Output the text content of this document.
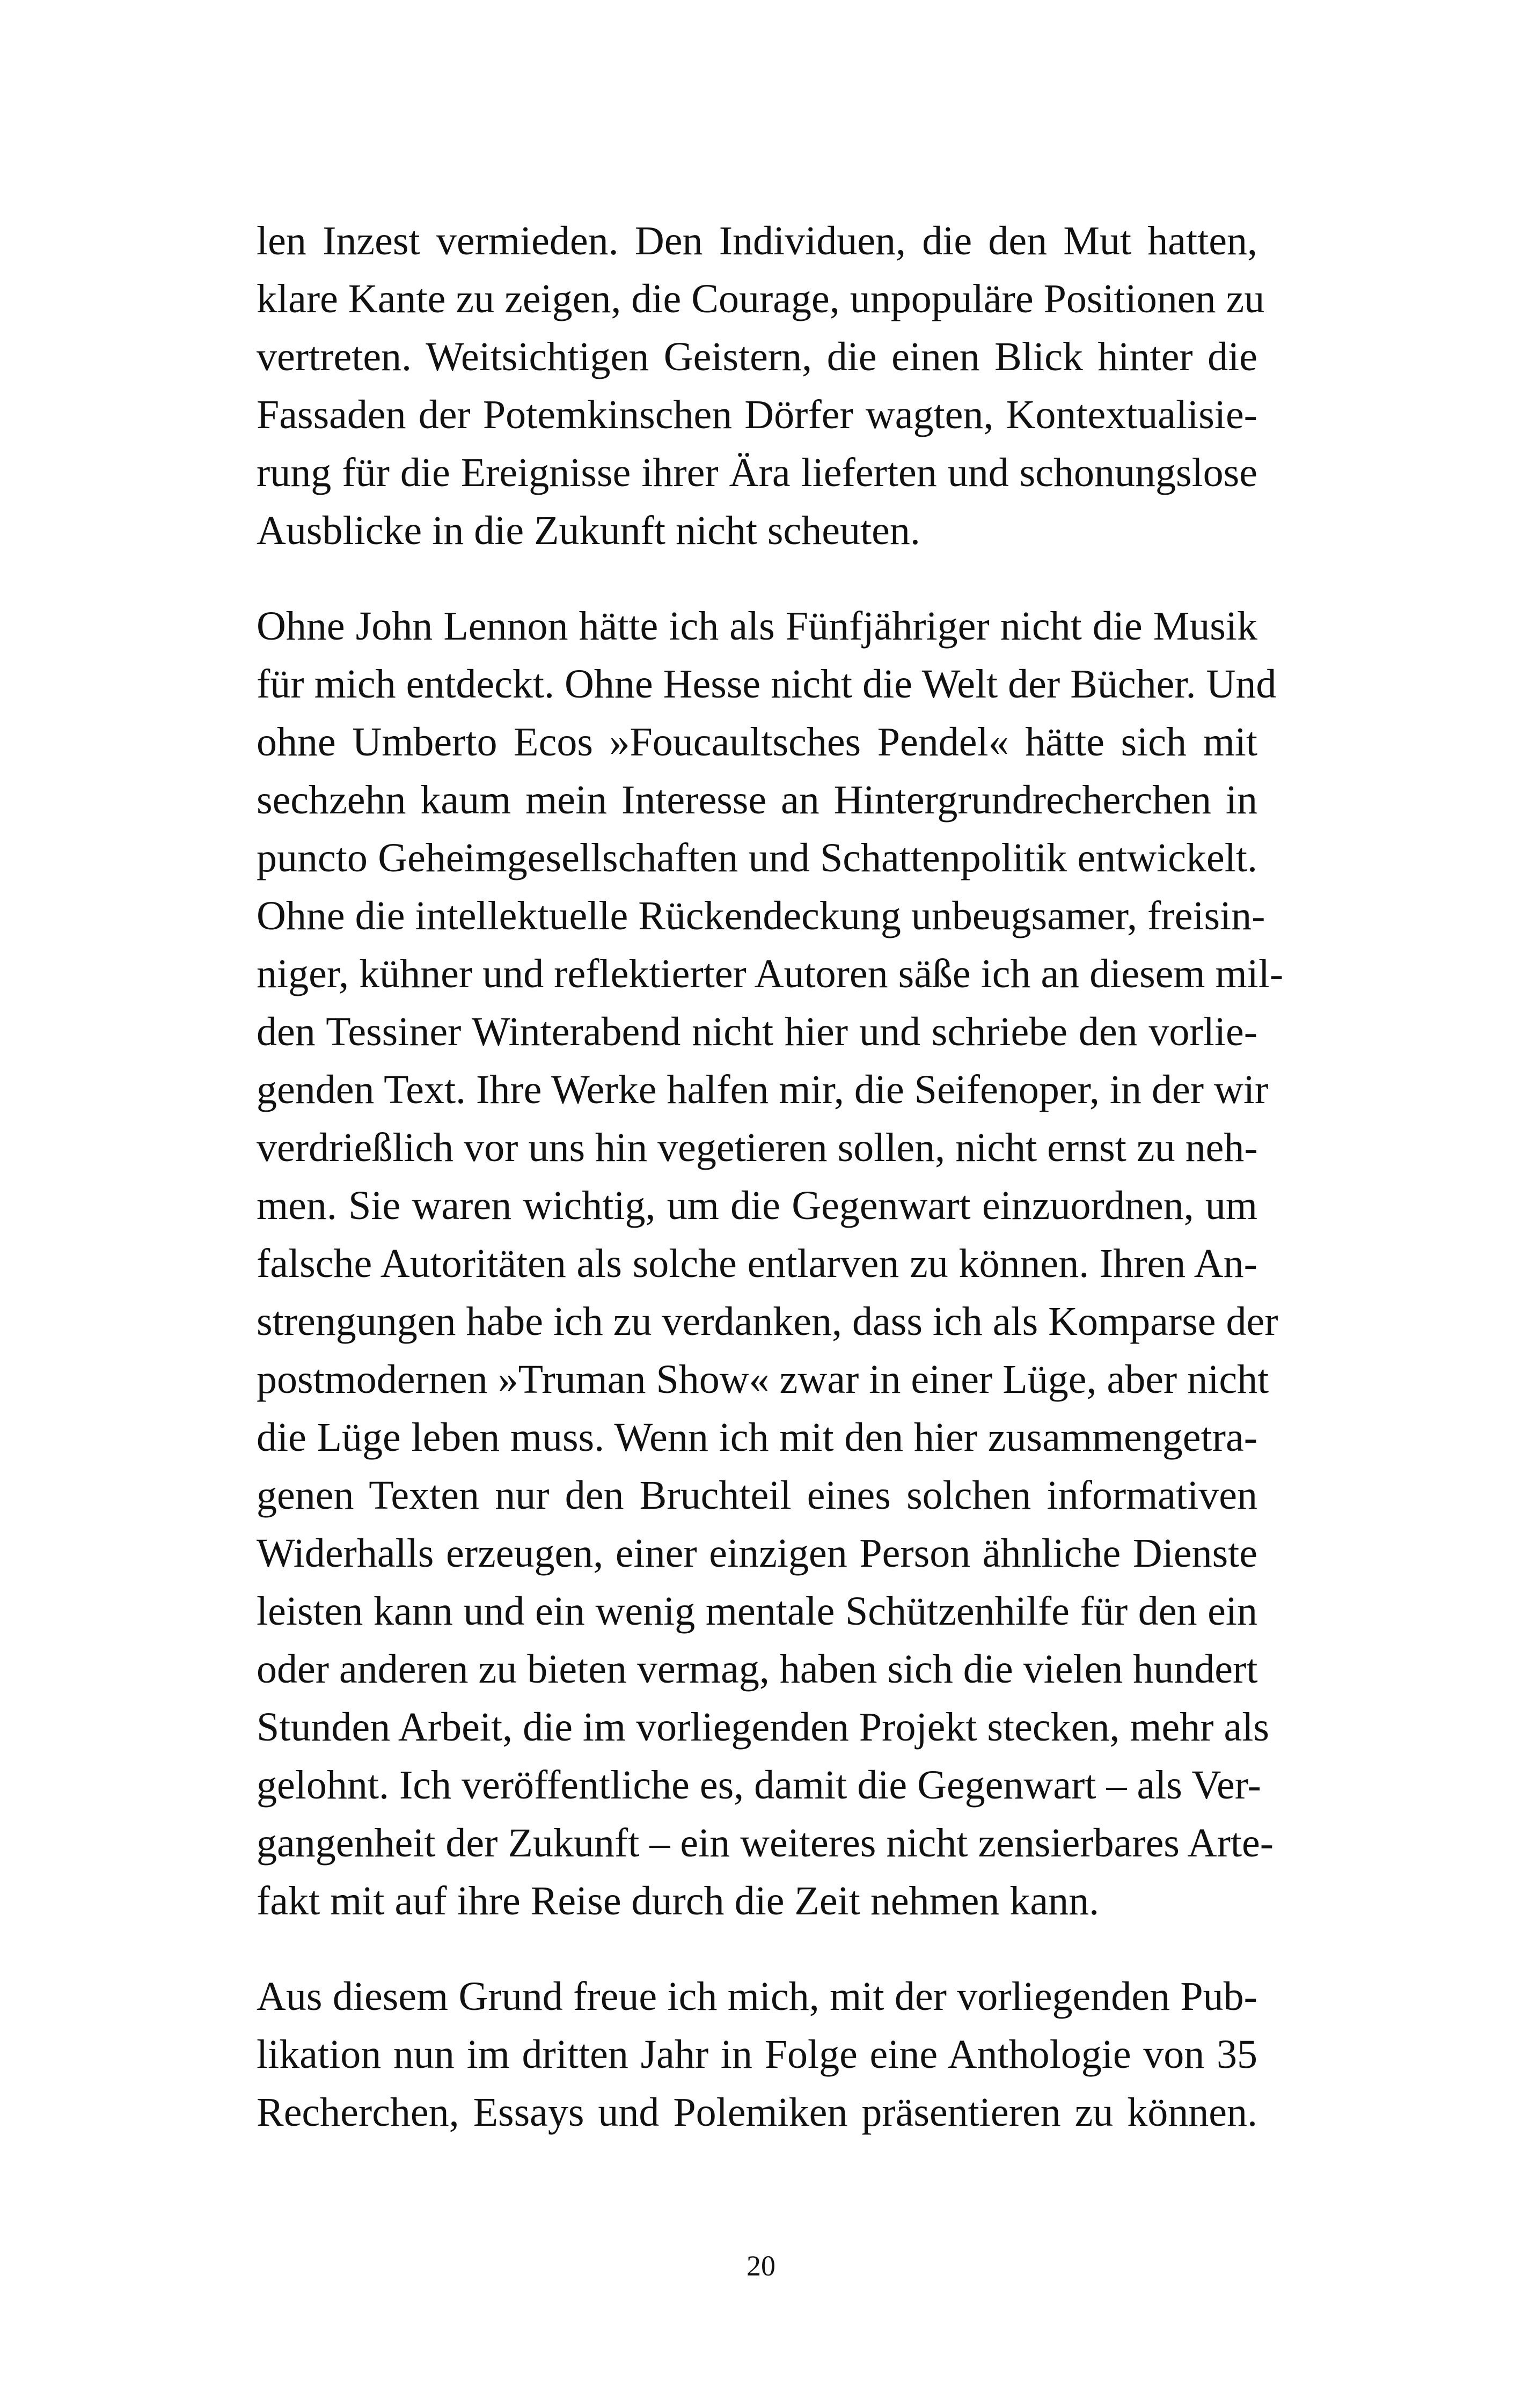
len Inzest vermieden. Den Individuen, die den Mut hatten,
klare Kante zu zeigen, die Courage, unpopuläre Positionen zu
vertreten. Weitsichtigen Geistern, die einen Blick hinter die
Fassaden der Potemkinschen Dörfer wagten, Kontextualisie-
rung für die Ereignisse ihrer Ära lieferten und schonungslose
Ausblicke in die Zukunft nicht scheuten.
Ohne John Lennon hätte ich als Fünfjähriger nicht die Musik
für mich entdeckt. Ohne Hesse nicht die Welt der Bücher. Und
ohne Umberto Ecos »Foucaultsches Pendel« hätte sich mit
sechzehn kaum mein Interesse an Hintergrundrecherchen in
puncto Geheimgesellschaften und Schattenpolitik entwickelt.
Ohne die intellektuelle Rückendeckung unbeugsamer, freisin-
niger, kühner und reflektierter Autoren säße ich an diesem mil-
den Tessiner Winterabend nicht hier und schriebe den vorlie-
genden Text. Ihre Werke halfen mir, die Seifenoper, in der wir
verdrießlich vor uns hin vegetieren sollen, nicht ernst zu neh-
men. Sie waren wichtig, um die Gegenwart einzuordnen, um
falsche Autoritäten als solche entlarven zu können. Ihren An-
strengungen habe ich zu verdanken, dass ich als Komparse der
postmodernen »Truman Show« zwar in einer Lüge, aber nicht
die Lüge leben muss. Wenn ich mit den hier zusammengetra-
genen Texten nur den Bruchteil eines solchen informativen
Widerhalls erzeugen, einer einzigen Person ähnliche Dienste
leisten kann und ein wenig mentale Schützenhilfe für den ein
oder anderen zu bieten vermag, haben sich die vielen hundert
Stunden Arbeit, die im vorliegenden Projekt stecken, mehr als
gelohnt. Ich veröffentliche es, damit die Gegenwart – als Ver-
gangenheit der Zukunft – ein weiteres nicht zensierbares Arte-
fakt mit auf ihre Reise durch die Zeit nehmen kann.
Aus diesem Grund freue ich mich, mit der vorliegenden Pub-
likation nun im dritten Jahr in Folge eine Anthologie von 35
Recherchen, Essays und Polemiken präsentieren zu können.
20
